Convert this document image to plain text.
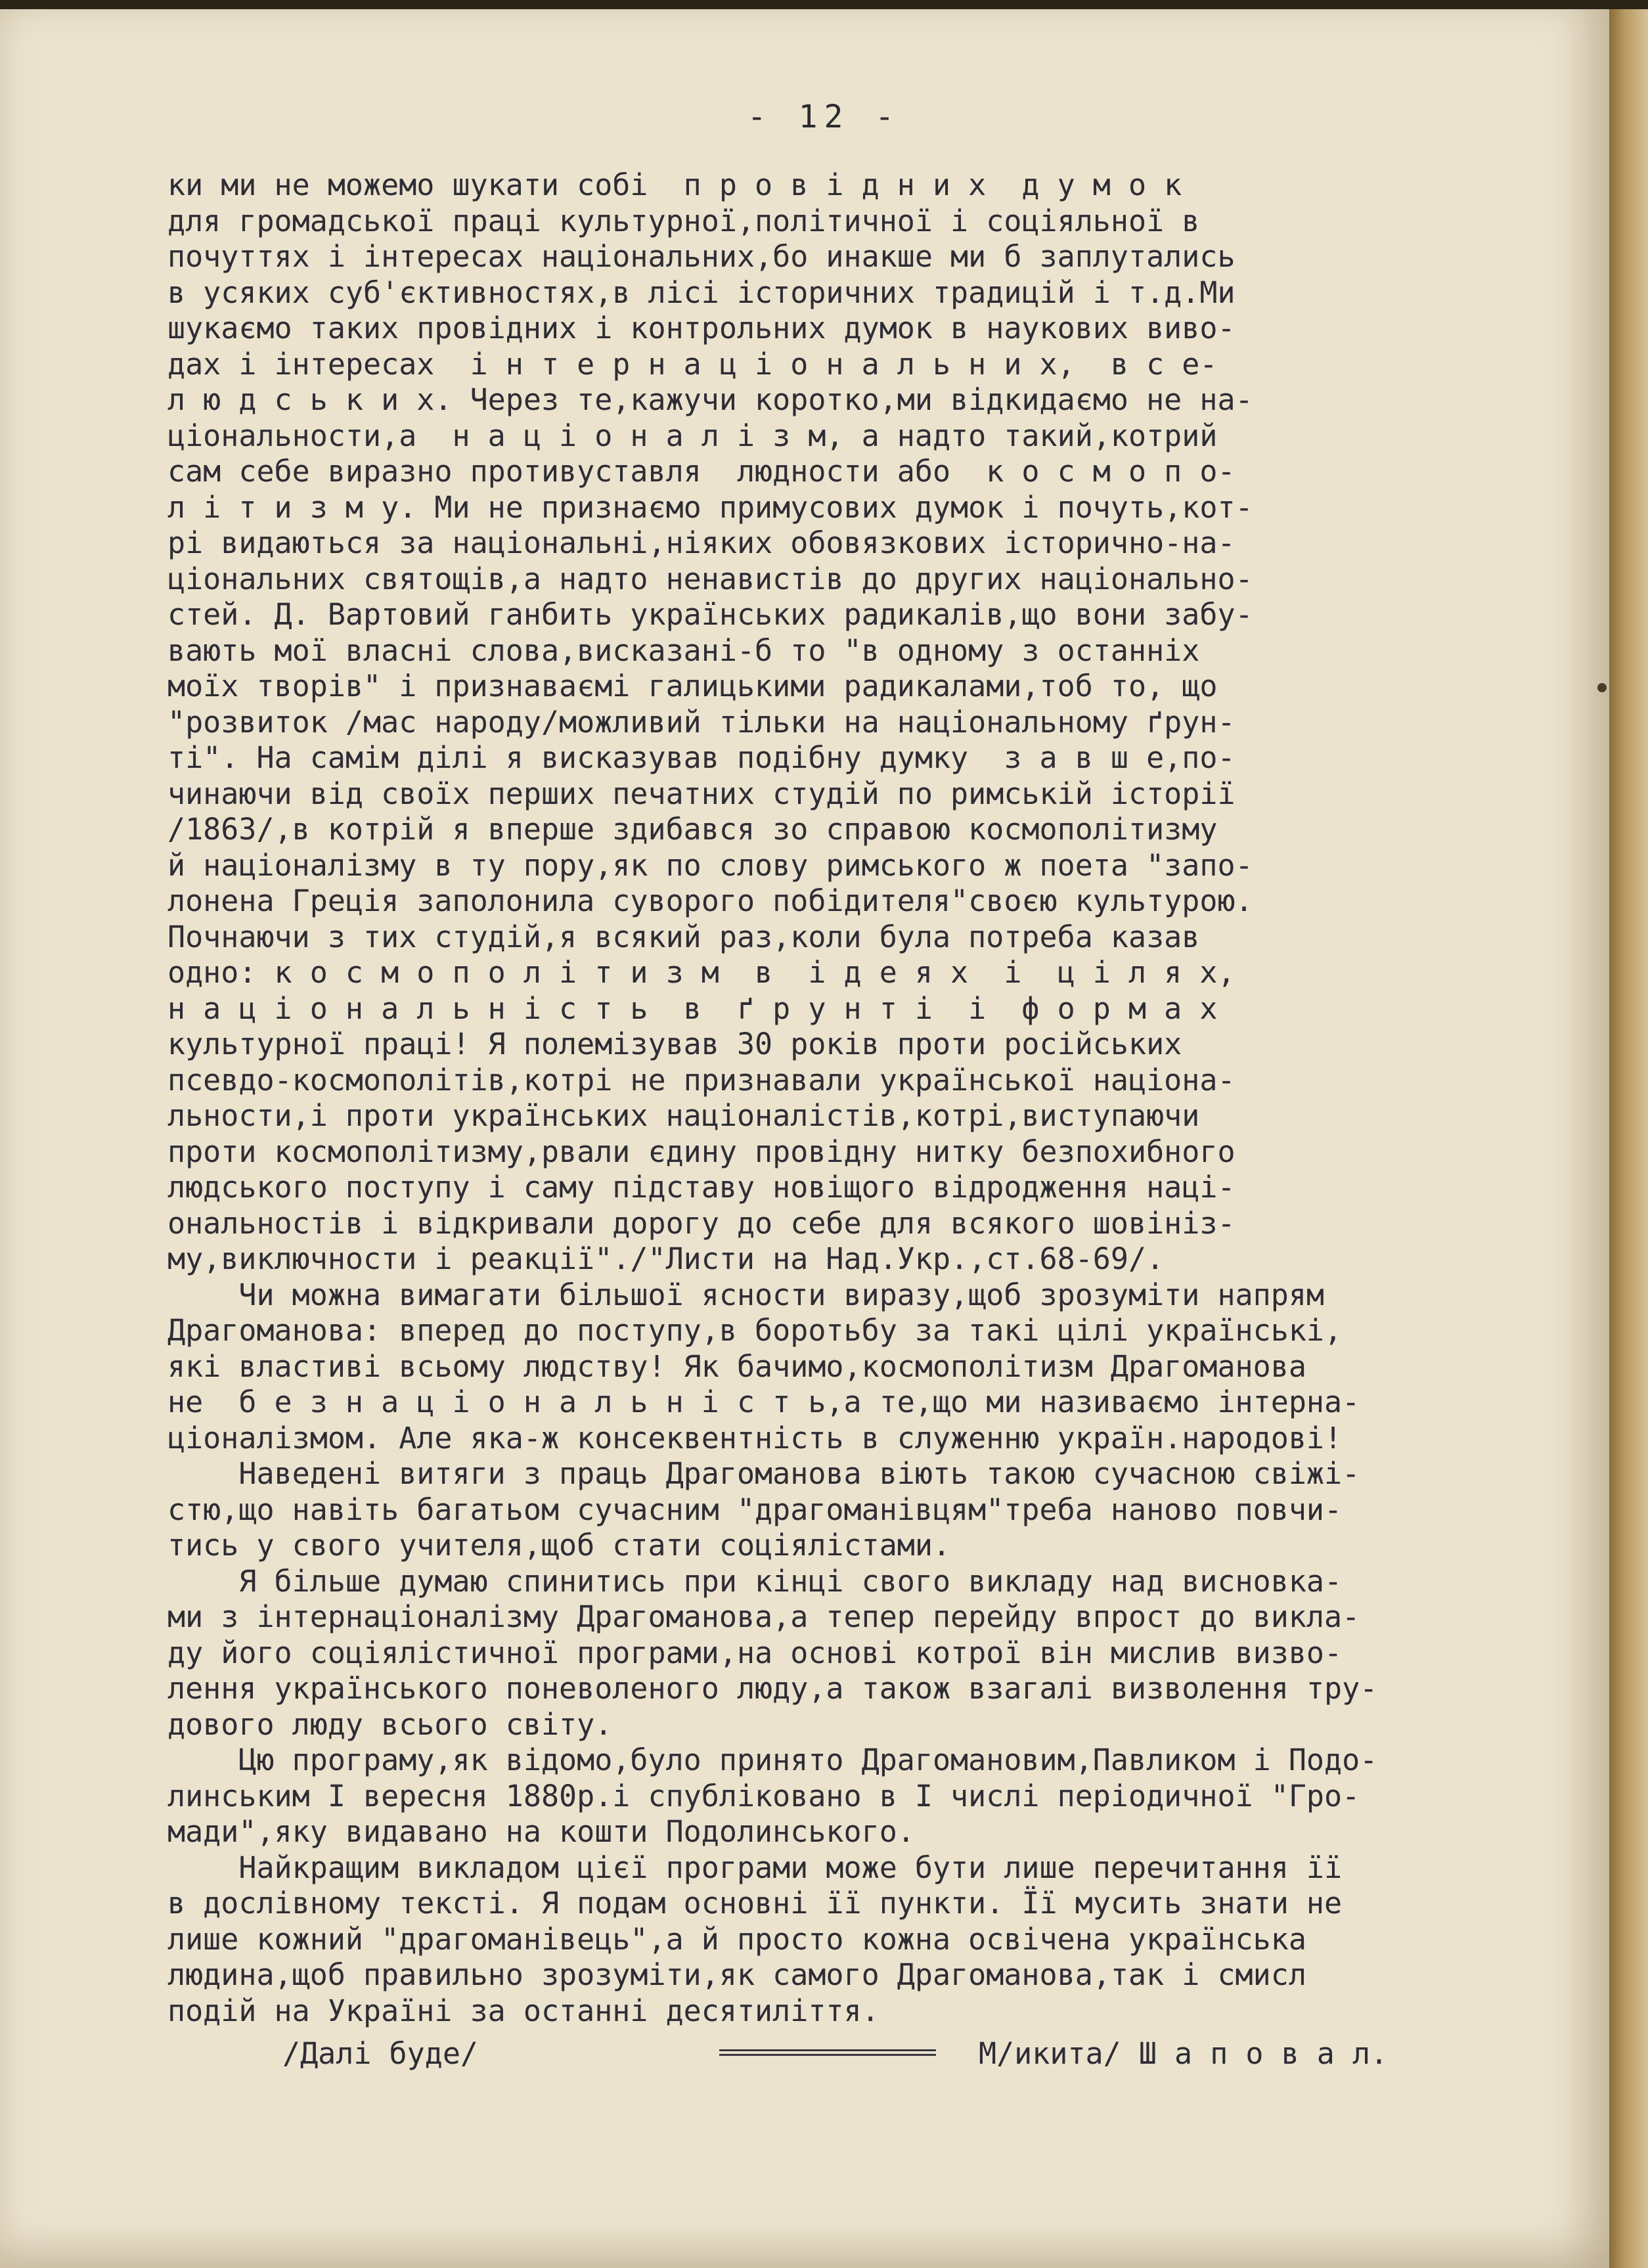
- 12 -
ки ми не можемо шукати собі  п р о в і д н и х  д у м о к
для громадської праці культурної,політичної і соціяльної в
почуттях і інтересах національних,бо инакше ми б заплутались
в усяких суб'єктивностях,в лісі історичних традицій і т.д.Ми
шукаємо таких провідних і контрольних думок в наукових виво-
дах і інтересах  і н т е р н а ц і о н а л ь н и х,  в с е-
л ю д с ь к и х. Через те,кажучи коротко,ми відкидаємо не на-
ціональности,а  н а ц і о н а л і з м, а надто такий,котрий
сам себе виразно противуставля  людности або  к о с м о п о-
л і т и з м у. Ми не признаємо примусових думок і почуть,кот-
рі видаються за національні,ніяких обовязкових історично-на-
ціональних святощів,а надто ненавистів до других національно-
стей. Д. Вартовий ганбить українських радикалів,що вони забу-
вають мої власні слова,висказані-б то "в одному з останніх
моїх творів" і признаваємі галицькими радикалами,тоб то, що
"розвиток /мас народу/можливий тільки на національному ґрун-
ті". На самім ділі я висказував подібну думку  з а в ш е,по-
чинаючи від своїх перших печатних студій по римській історії
/1863/,в котрій я вперше здибався зо справою космополітизму
й націоналізму в ту пору,як по слову римського ж поета "запо-
лонена Греція заполонила суворого побідителя"своєю культурою.
Почнаючи з тих студій,я всякий раз,коли була потреба казав
одно: к о с м о п о л і т и з м  в  і д е я х  і  ц і л я х,
н а ц і о н а л ь н і с т ь  в  ґ р у н т і  і  ф о р м а х
культурної праці! Я полемізував 30 років проти російських
псевдо-космополітів,котрі не признавали української націона-
льности,і проти українських націоналістів,котрі,виступаючи
проти космополітизму,рвали єдину провідну нитку безпохибного
людського поступу і саму підставу новіщого відродження наці-
ональностів і відкривали дорогу до себе для всякого шовініз-
му,виключности і реакції"./"Листи на Над.Укр.,ст.68-69/.
Чи можна вимагати більшої ясности виразу,щоб зрозуміти напрям
Драгоманова: вперед до поступу,в боротьбу за такі цілі українські,
які властиві всьому людству! Як бачимо,космополітизм Драгоманова
не  б е з н а ц і о н а л ь н і с т ь,а те,що ми називаємо інтерна-
ціоналізмом. Але яка-ж консеквентність в служенню україн.народові!
Наведені витяги з праць Драгоманова віють такою сучасною свіжі-
стю,що навіть багатьом сучасним "драгоманівцям"треба наново повчи-
тись у свого учителя,щоб стати соціялістами.
Я більше думаю спинитись при кінці свого викладу над висновка-
ми з інтернаціоналізму Драгоманова,а тепер перейду впрост до викла-
ду його соціялістичної програми,на основі котрої він мислив визво-
лення українського поневоленого люду,а також взагалі визволення тру-
дового люду всього світу.
Цю програму,як відомо,було принято Драгомановим,Павликом і Подо-
линським I вересня 1880р.і спубліковано в I числі періодичної "Гро-
мади",яку видавано на кошти Подолинського.
Найкращим викладом цієї програми може бути лише перечитання її
в дослівному тексті. Я подам основні її пункти. Її мусить знати не
лише кожний "драгоманівець",а й просто кожна освічена українська
людина,щоб правильно зрозуміти,як самого Драгоманова,так і смисл
подій на Україні за останні десятиліття.
/Далі буде/	М/икита/ Ш а п о в а л.
